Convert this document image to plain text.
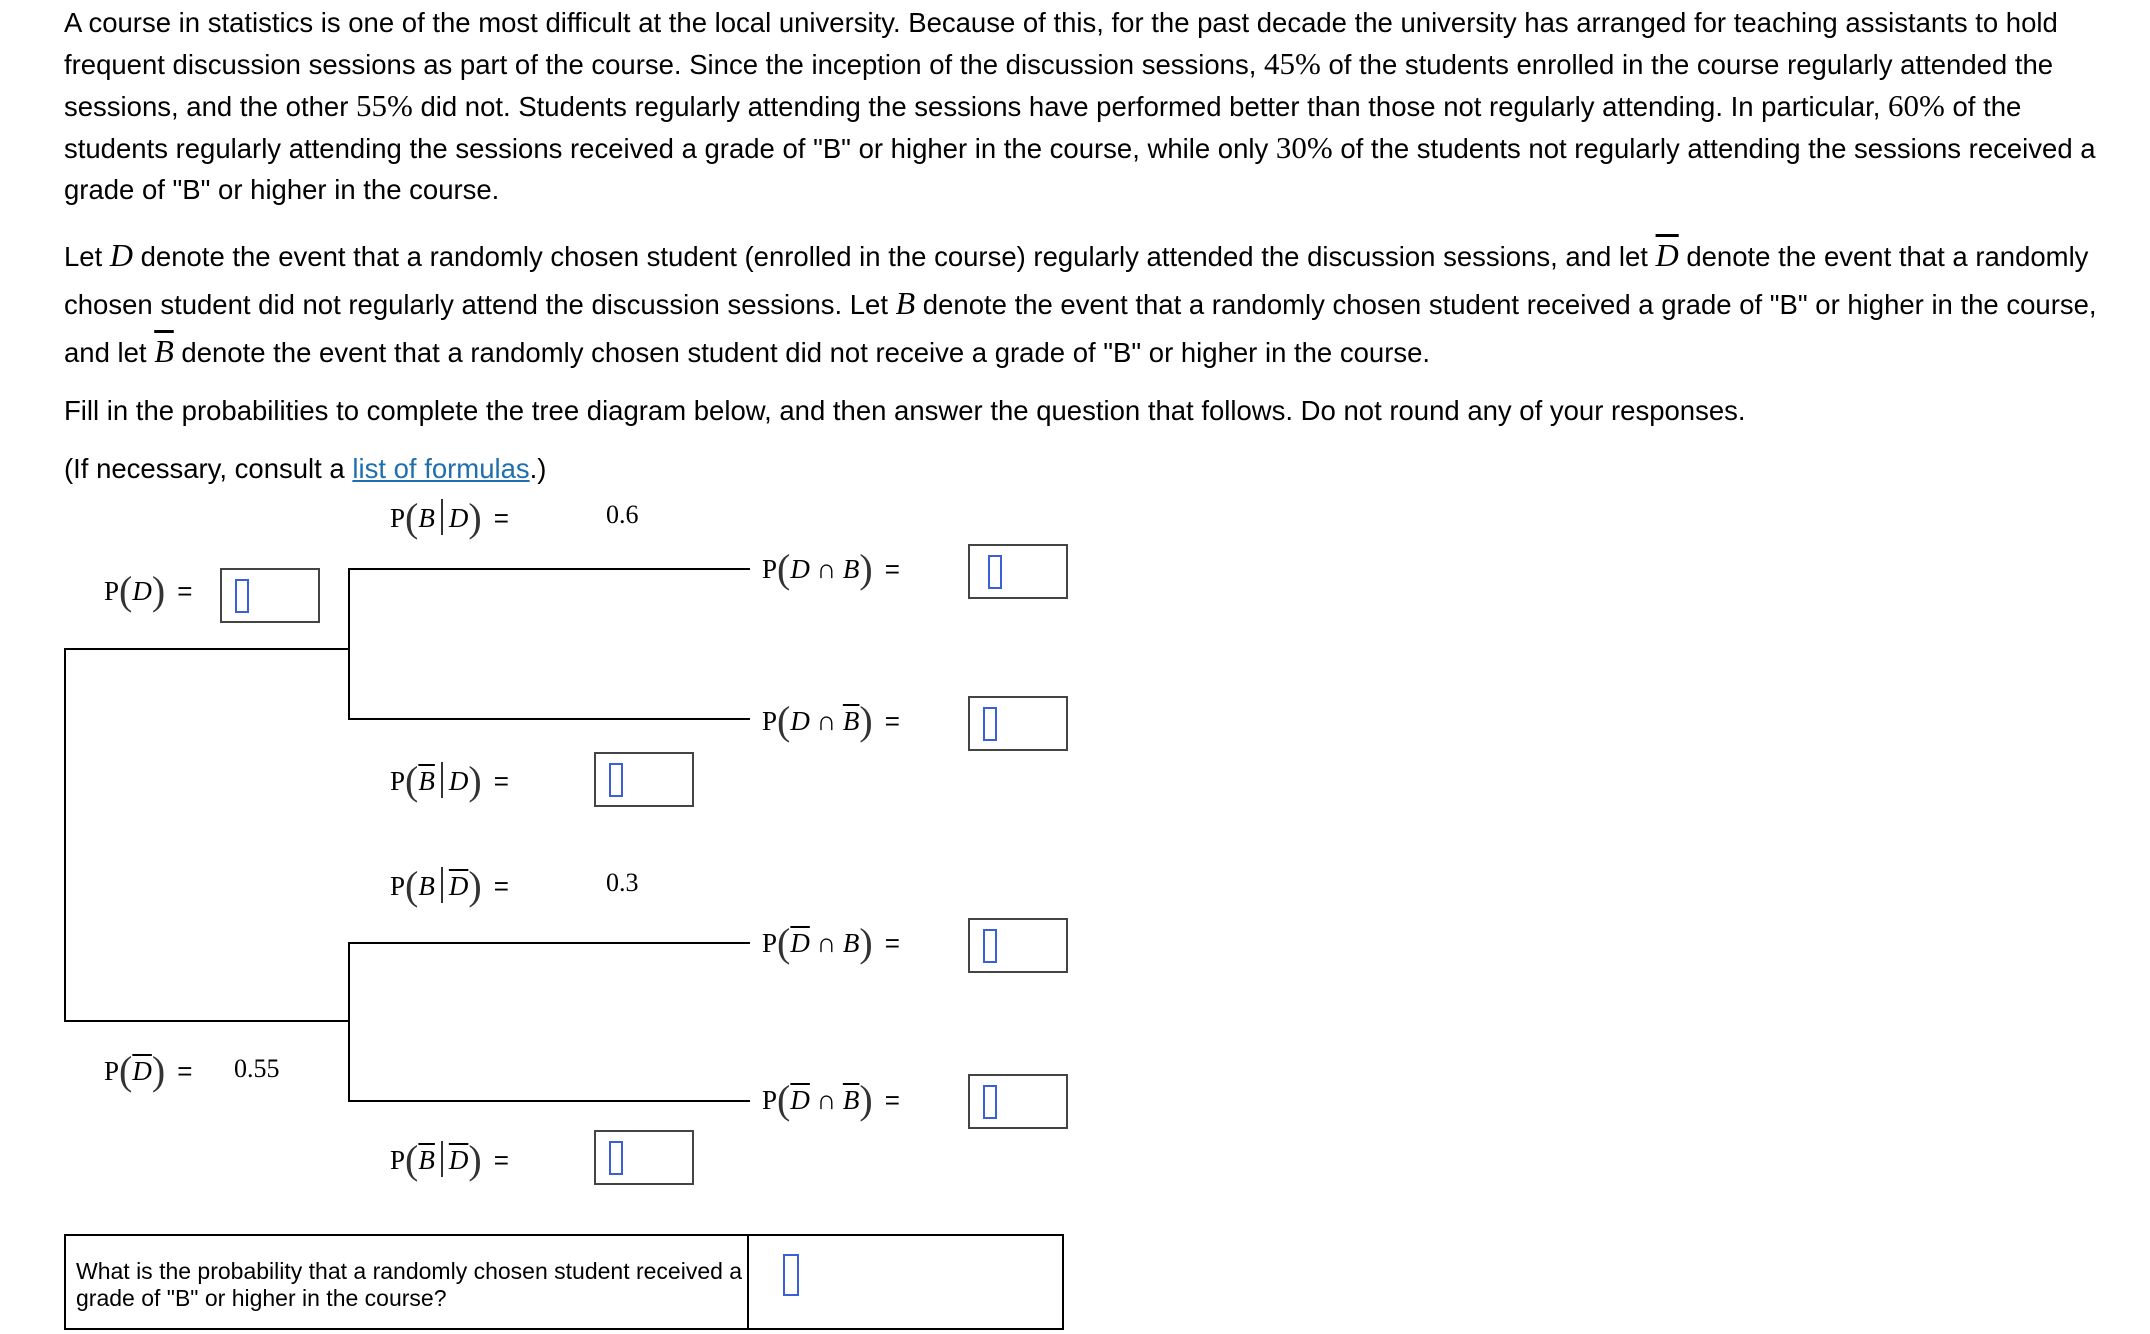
A course in statistics is one of the most difficult at the local university. Because of this, for the past decade the university has arranged for teaching assistants to hold frequent discussion sessions as part of the course. Since the inception of the discussion sessions, 45% of the students enrolled in the course regularly attended the sessions, and the other 55% did not. Students regularly attending the sessions have performed better than those not regularly attending. In particular, 60% of the students regularly attending the sessions received a grade of "B" or higher in the course, while only 30% of the students not regularly attending the sessions received a grade of "B" or higher in the course.

Let D denote the event that a randomly chosen student (enrolled in the course) regularly attended the discussion sessions, and let $\overline{D}$ denote the event that a randomly chosen student did not regularly attend the discussion sessions. Let B denote the event that a randomly chosen student received a grade of "B" or higher in the course, and let $\overline{B}$ denote the event that a randomly chosen student did not receive a grade of "B" or higher in the course.

Fill in the probabilities to complete the tree diagram below, and then answer the question that follows. Do not round any of your responses.

(If necessary, consult a list of formulas.)

P(D) =
P(B D) =	0.6
$P(\overline{B}$ D) =
P(D ∩ B) =
P(D ∩ $\overline{B}$) =
P(B $\overline{D}$) =	0.3
$P(\overline{D}$ ∩ B) =
$P(\overline{D}) = 0.55$
$P(\overline{D}$ ∩ $\overline{B}$) =
$P(\overline{B}$ $\overline{D}$) =
What is the probability that a randomly chosen student received a grade of "B" or higher in the course?
